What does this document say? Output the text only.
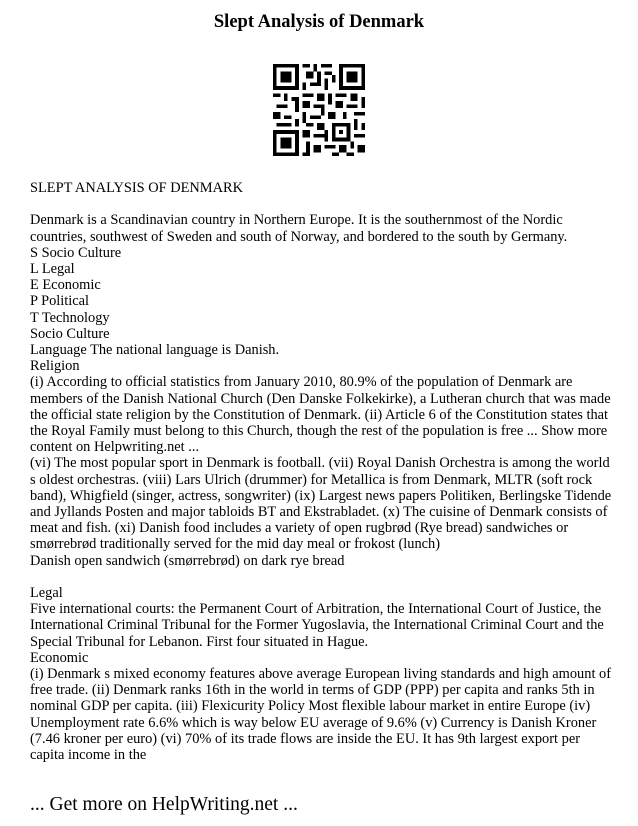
Slept Analysis of Denmark

SLEPT ANALYSIS OF DENMARK

Denmark is a Scandinavian country in Northern Europe. It is the southernmost of the Nordic countries, southwest of Sweden and south of Norway, and bordered to the south by Germany.

S Socio Culture

L Legal

E Economic

P Political

T Technology

Socio Culture

Language The national language is Danish.

Religion

(i) According to official statistics from January 2010, 80.9% of the population of Denmark are members of the Danish National Church (Den Danske Folkekirke), a Lutheran church that was made the official state religion by the Constitution of Denmark. (ii) Article 6 of the Constitution states that the Royal Family must belong to this Church, though the rest of the population is free ... Show more content on Helpwriting.net ...

(vi) The most popular sport in Denmark is football. (vii) Royal Danish Orchestra is among the world s oldest orchestras. (viii) Lars Ulrich (drummer) for Metallica is from Denmark, MLTR (soft rock band), Whigfield (singer, actress, songwriter) (ix) Largest news papers Politiken, Berlingske Tidende and Jyllands Posten and major tabloids BT and Ekstrabladet. (x) The cuisine of Denmark consists of meat and fish. (xi) Danish food includes a variety of open rugbrød (Rye bread) sandwiches or smørrebrød traditionally served for the mid day meal or frokost (lunch)

Danish open sandwich (smørrebrød) on dark rye bread

Legal

Five international courts: the Permanent Court of Arbitration, the International Court of Justice, the International Criminal Tribunal for the Former Yugoslavia, the International Criminal Court and the Special Tribunal for Lebanon. First four situated in Hague.

Economic

(i) Denmark s mixed economy features above average European living standards and high amount of free trade. (ii) Denmark ranks 16th in the world in terms of GDP (PPP) per capita and ranks 5th in nominal GDP per capita. (iii) Flexicurity Policy Most flexible labour market in entire Europe (iv) Unemployment rate 6.6% which is way below EU average of 9.6% (v) Currency is Danish Kroner (7.46 kroner per euro) (vi) 70% of its trade flows are inside the EU. It has 9th largest export per capita income in the

... Get more on HelpWriting.net ...
